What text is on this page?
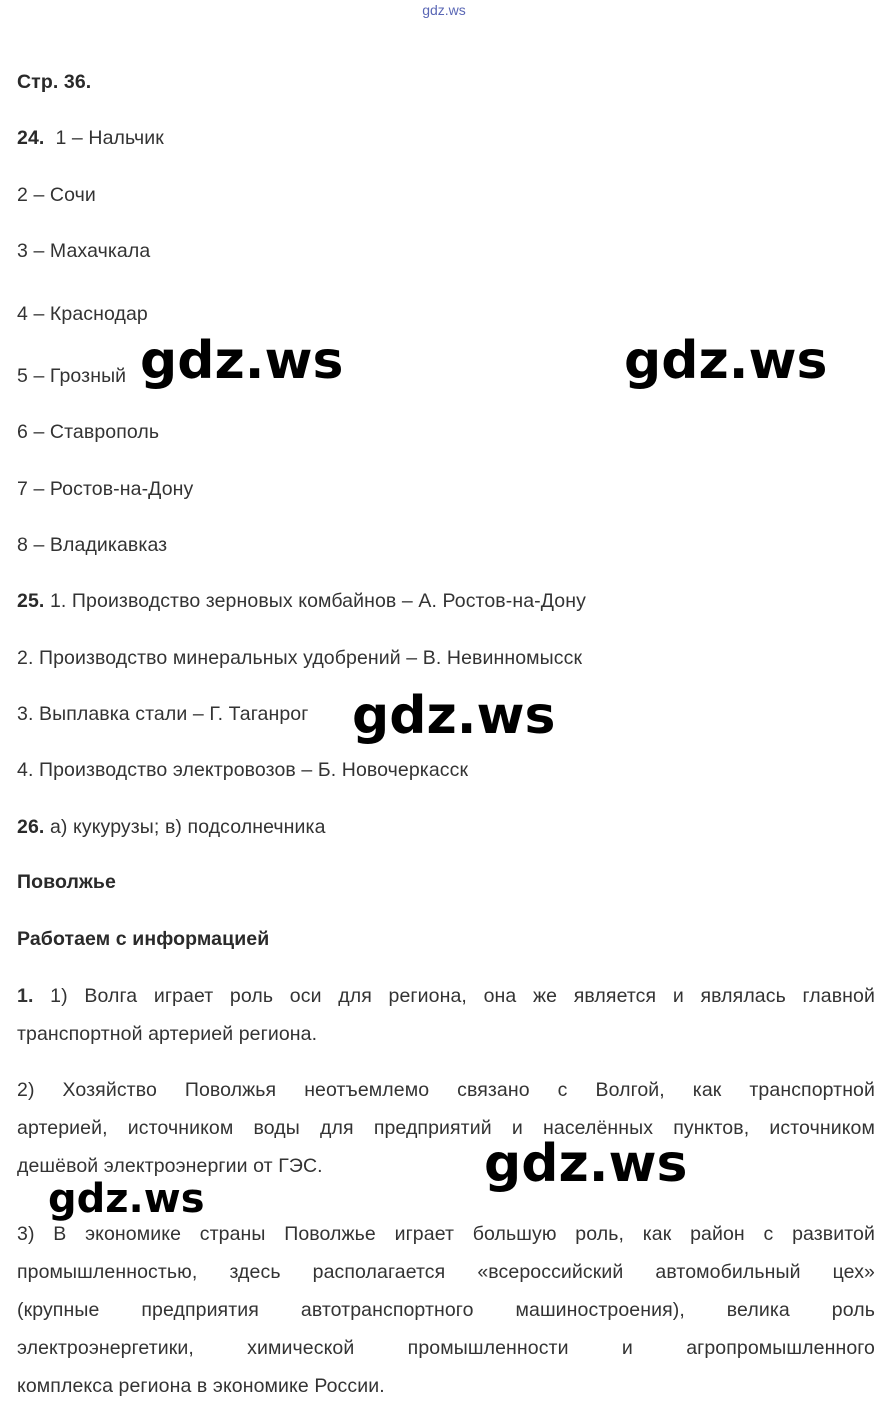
gdz.ws
Стр. 36.
24. 1 – Нальчик
2 – Сочи
3 – Махачкала
4 – Краснодар
5 – Грозный
6 – Ставрополь
7 – Ростов-на-Дону
8 – Владикавказ
25. 1. Производство зерновых комбайнов – А. Ростов-на-Дону
2. Производство минеральных удобрений – В. Невинномысск
3. Выплавка стали – Г. Таганрог
4. Производство электровозов – Б. Новочеркасск
26. а) кукурузы; в) подсолнечника
Поволжье
Работаем с информацией
1. 1) Волга играет роль оси для региона, она же является и являлась главной
транспортной артерией региона.
2) Хозяйство Поволжья неотъемлемо связано с Волгой, как транспортной
артерией, источником воды для предприятий и населённых пунктов, источником
дешёвой электроэнергии от ГЭС.
3) В экономике страны Поволжье играет большую роль, как район с развитой
промышленностью, здесь располагается «всероссийский автомобильный цех»
(крупные предприятия автотранспортного машиностроения), велика роль
электроэнергетики, химической промышленности и агропромышленного
комплекса региона в экономике России.
gdz.ws	gdz.ws
gdz.ws
gdz.ws
gdz.ws
